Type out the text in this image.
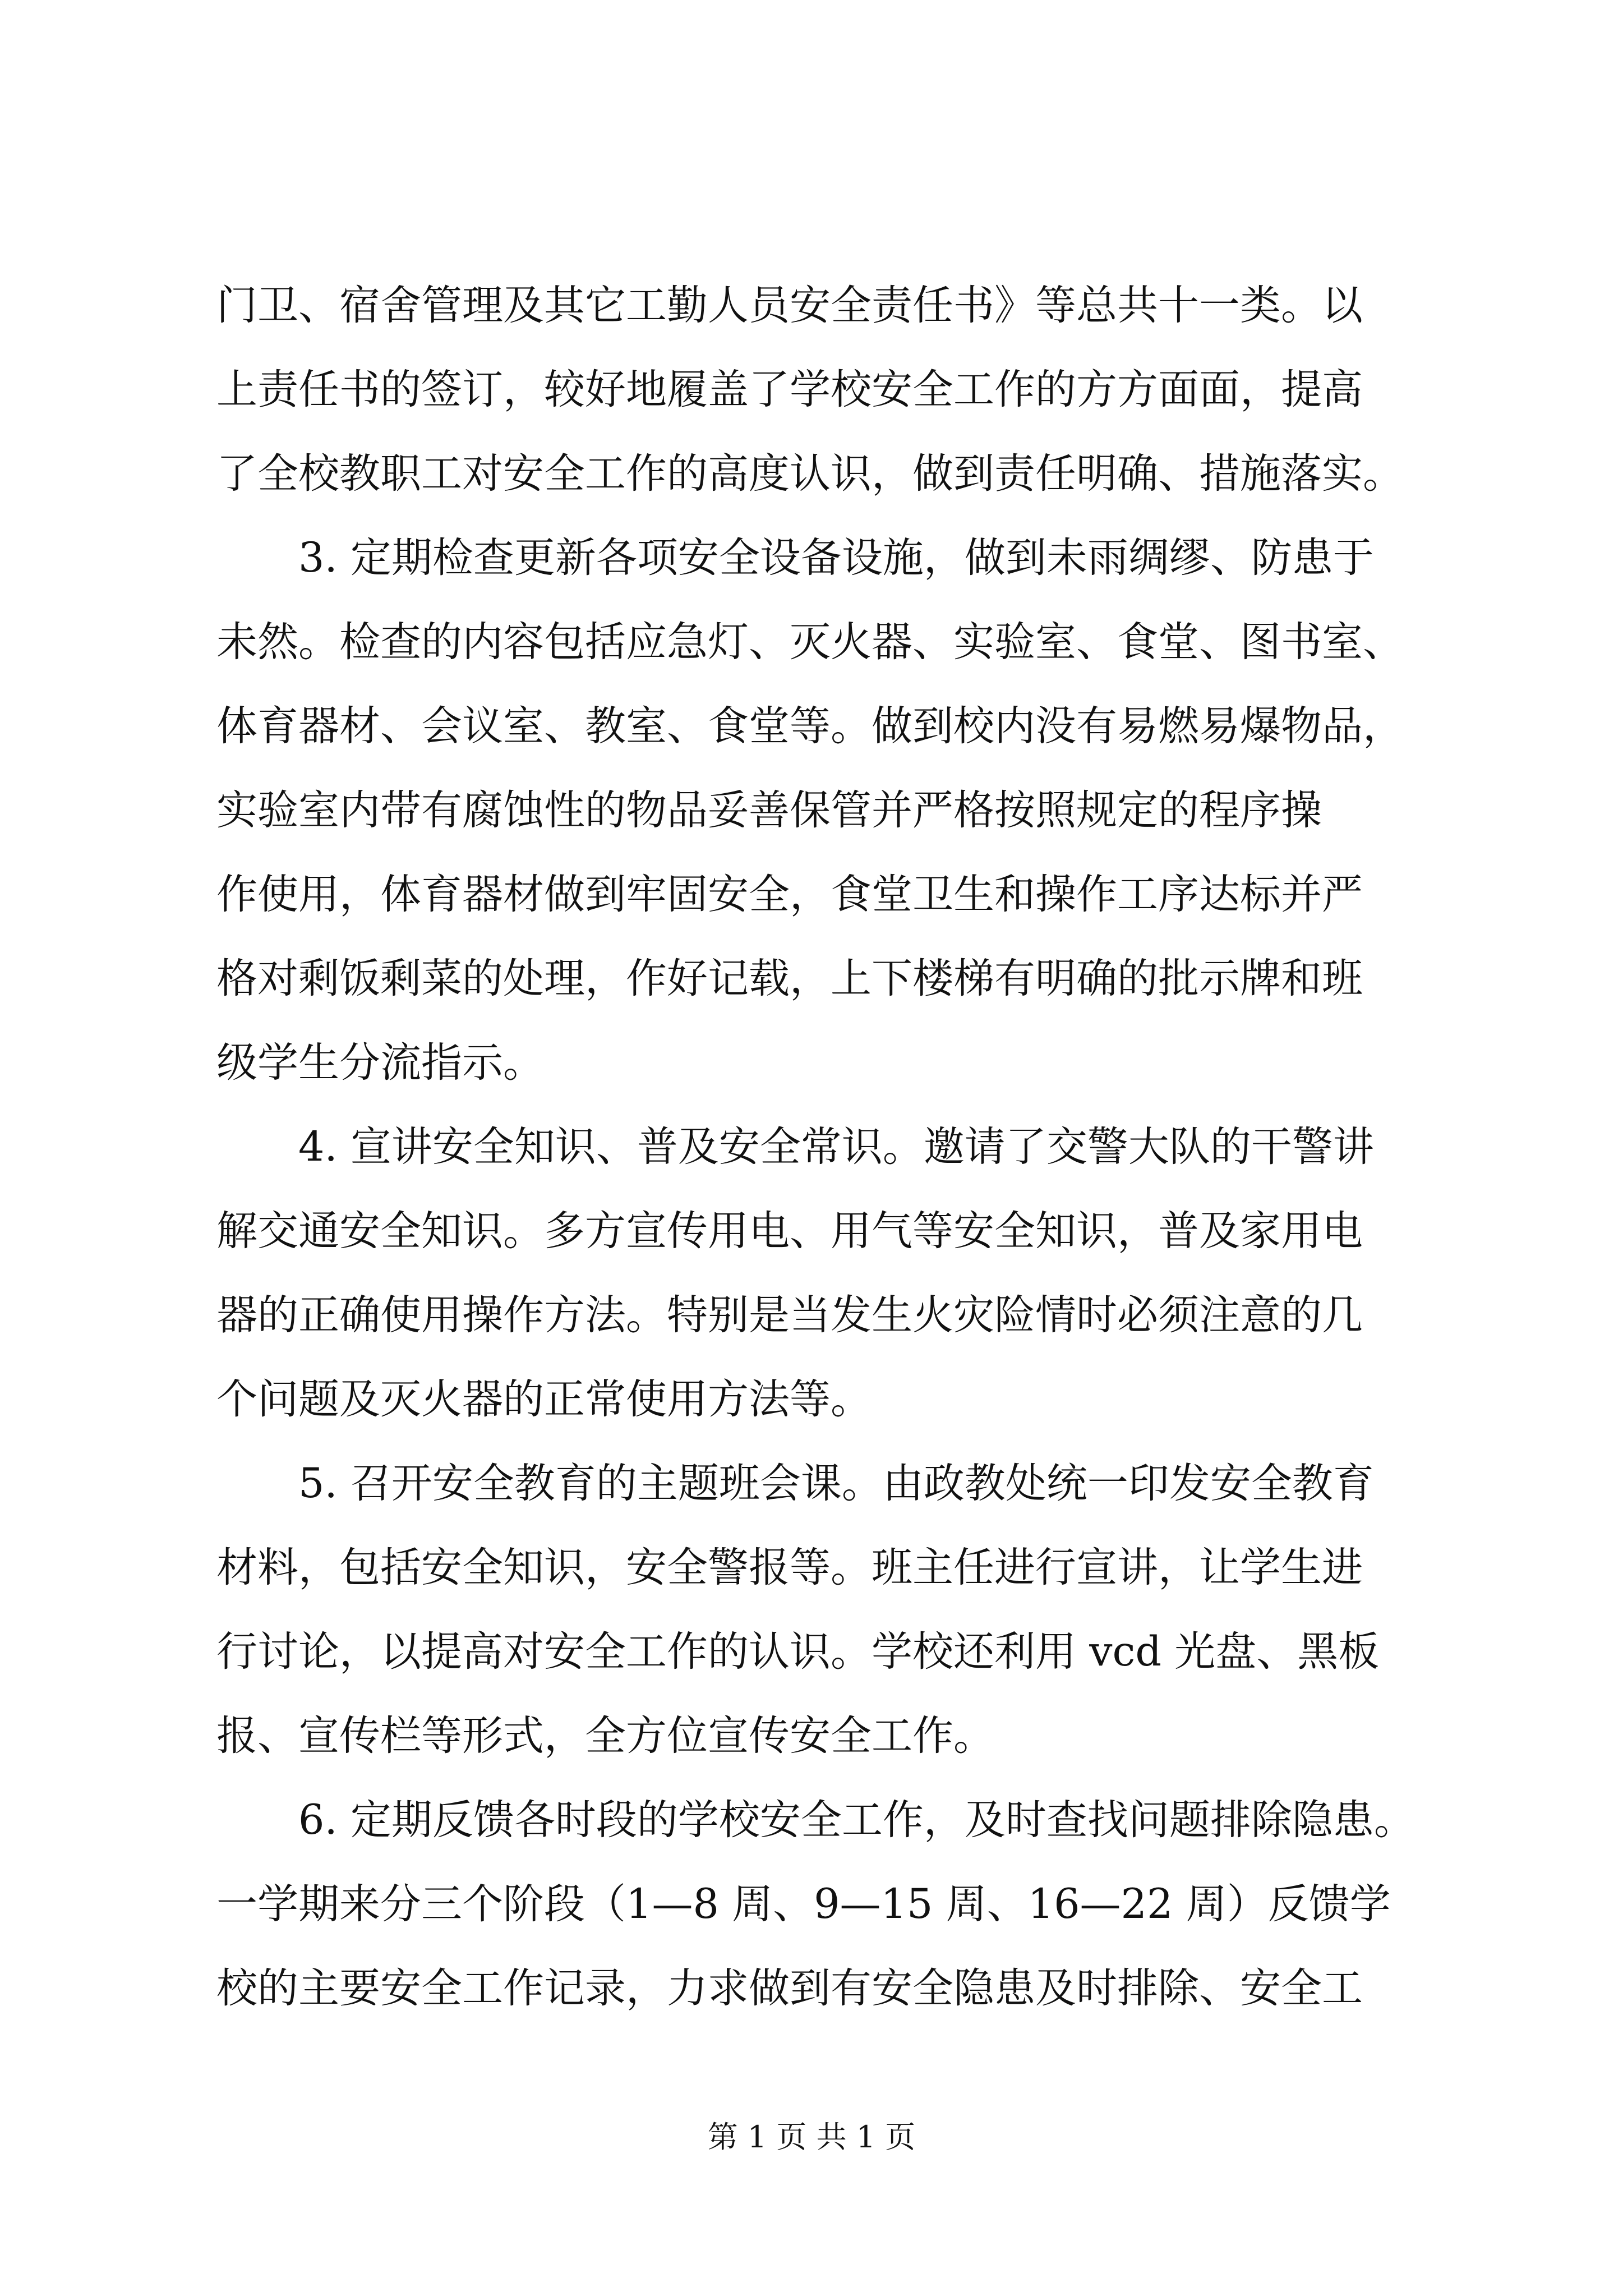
门卫、宿舍管理及其它工勤人员安全责任书》等总共十一类。以
上责任书的签订，较好地履盖了学校安全工作的方方面面，提高
了全校教职工对安全工作的高度认识，做到责任明确、措施落实。
3. 定期检查更新各项安全设备设施，做到未雨绸缪、防患于
未然。检查的内容包括应急灯、灭火器、实验室、食堂、图书室、
体育器材、会议室、教室、食堂等。做到校内没有易燃易爆物品，
实验室内带有腐蚀性的物品妥善保管并严格按照规定的程序操
作使用，体育器材做到牢固安全，食堂卫生和操作工序达标并严
格对剩饭剩菜的处理，作好记载，上下楼梯有明确的批示牌和班
级学生分流指示。
4. 宣讲安全知识、普及安全常识。邀请了交警大队的干警讲
解交通安全知识。多方宣传用电、用气等安全知识，普及家用电
器的正确使用操作方法。特别是当发生火灾险情时必须注意的几
个问题及灭火器的正常使用方法等。
5. 召开安全教育的主题班会课。由政教处统一印发安全教育
材料，包括安全知识，安全警报等。班主任进行宣讲，让学生进
行讨论，以提高对安全工作的认识。学校还利用 vcd 光盘、黑板
报、宣传栏等形式，全方位宣传安全工作。
6. 定期反馈各时段的学校安全工作，及时查找问题排除隐患。
一学期来分三个阶段（1—8 周、9—15 周、16—22 周）反馈学
校的主要安全工作记录，力求做到有安全隐患及时排除、安全工
第 1 页 共 1 页
